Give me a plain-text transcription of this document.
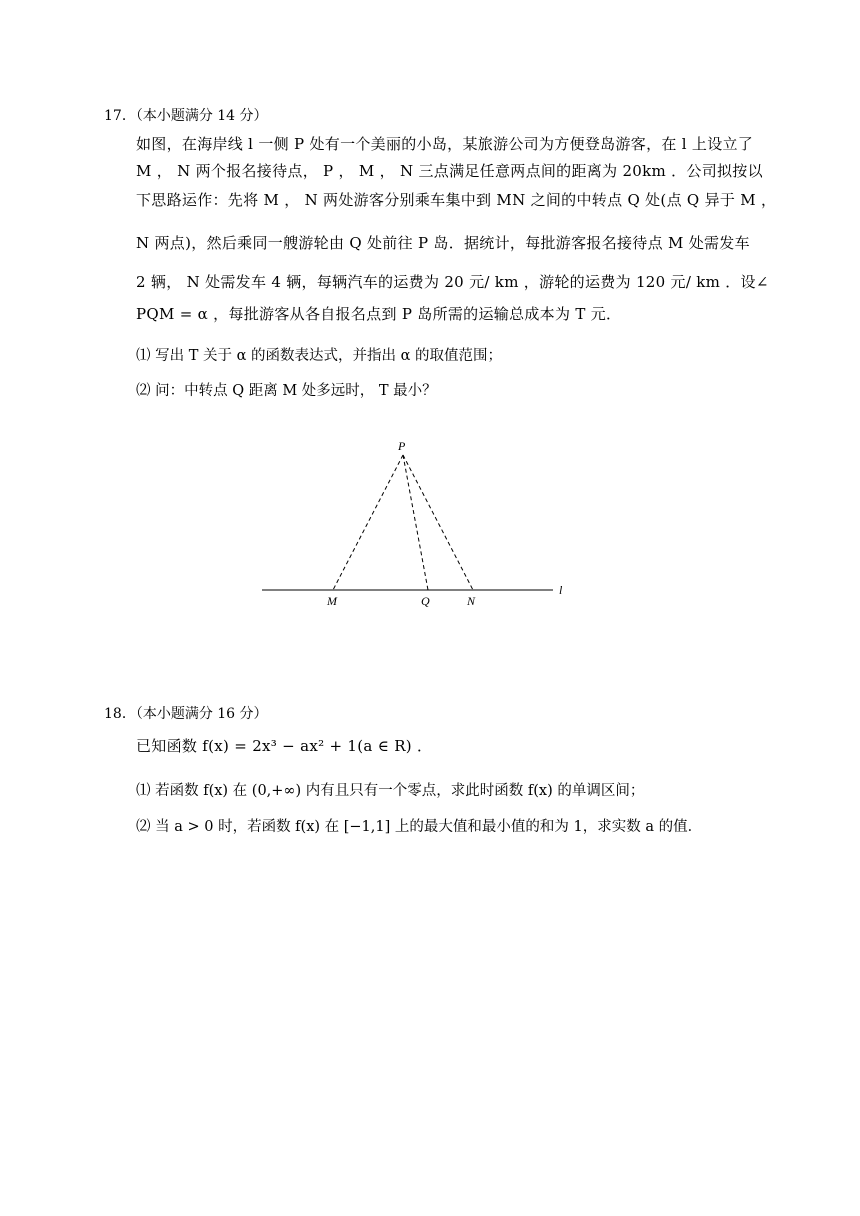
17．（本小题满分 14 分）
如图，在海岸线 l 一侧 P 处有一个美丽的小岛，某旅游公司为方便登岛游客，在 l 上设立了
M ， N 两个报名接待点， P ， M ， N 三点满足任意两点间的距离为 20km ．公司拟按以
下思路运作：先将 M ， N 两处游客分别乘车集中到 MN 之间的中转点 Q 处(点 Q 异于 M ，
N 两点)，然后乘同一艘游轮由 Q 处前往 P 岛．据统计，每批游客报名接待点 M 处需发车
2 辆， N 处需发车 4 辆，每辆汽车的运费为 20 元/ km ，游轮的运费为 120 元/ km ．设∠
PQM = α ，每批游客从各自报名点到 P 岛所需的运输总成本为 T 元．
⑴ 写出 T 关于 α 的函数表达式，并指出 α 的取值范围；
⑵ 问：中转点 Q 距离 M 处多远时， T 最小？
P
M	Q	N
l
18．（本小题满分 16 分）
已知函数 f(x) = 2x³ − ax² + 1(a ∈ R) ．
⑴ 若函数 f(x) 在 (0,+∞) 内有且只有一个零点，求此时函数 f(x) 的单调区间；
⑵ 当 a > 0 时，若函数 f(x) 在 [−1,1] 上的最大值和最小值的和为 1，求实数 a 的值．
